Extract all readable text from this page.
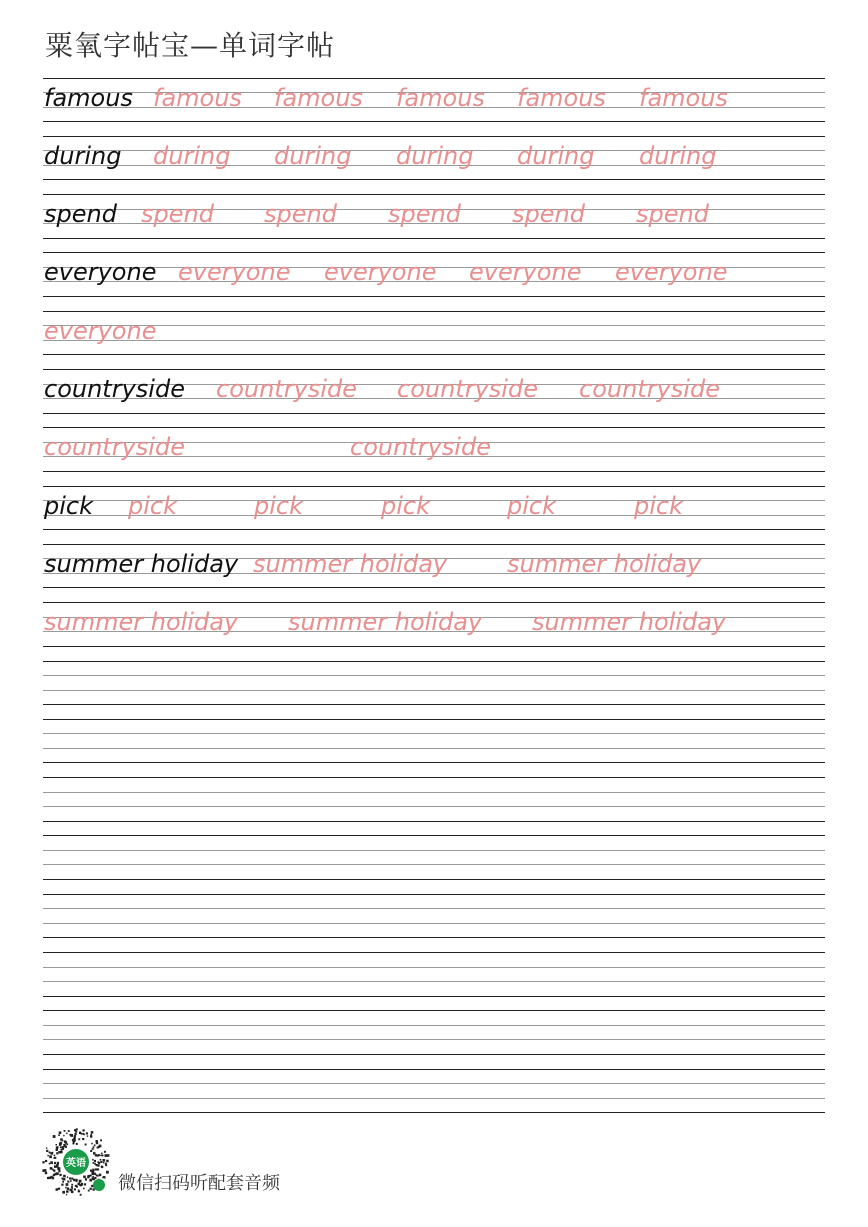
粟氧字帖宝—单词字帖
famous famous famous famous famous famous
during during during during during during
spend spend spend spend spend spend
everyone everyone everyone everyone everyone
everyone
countryside countryside countryside countryside
countryside	countryside
pick pick	pick	pick	pick	pick
summer holiday summer holiday summer holiday
summer holiday summer holiday summer holiday
英语
微信扫码听配套音频
